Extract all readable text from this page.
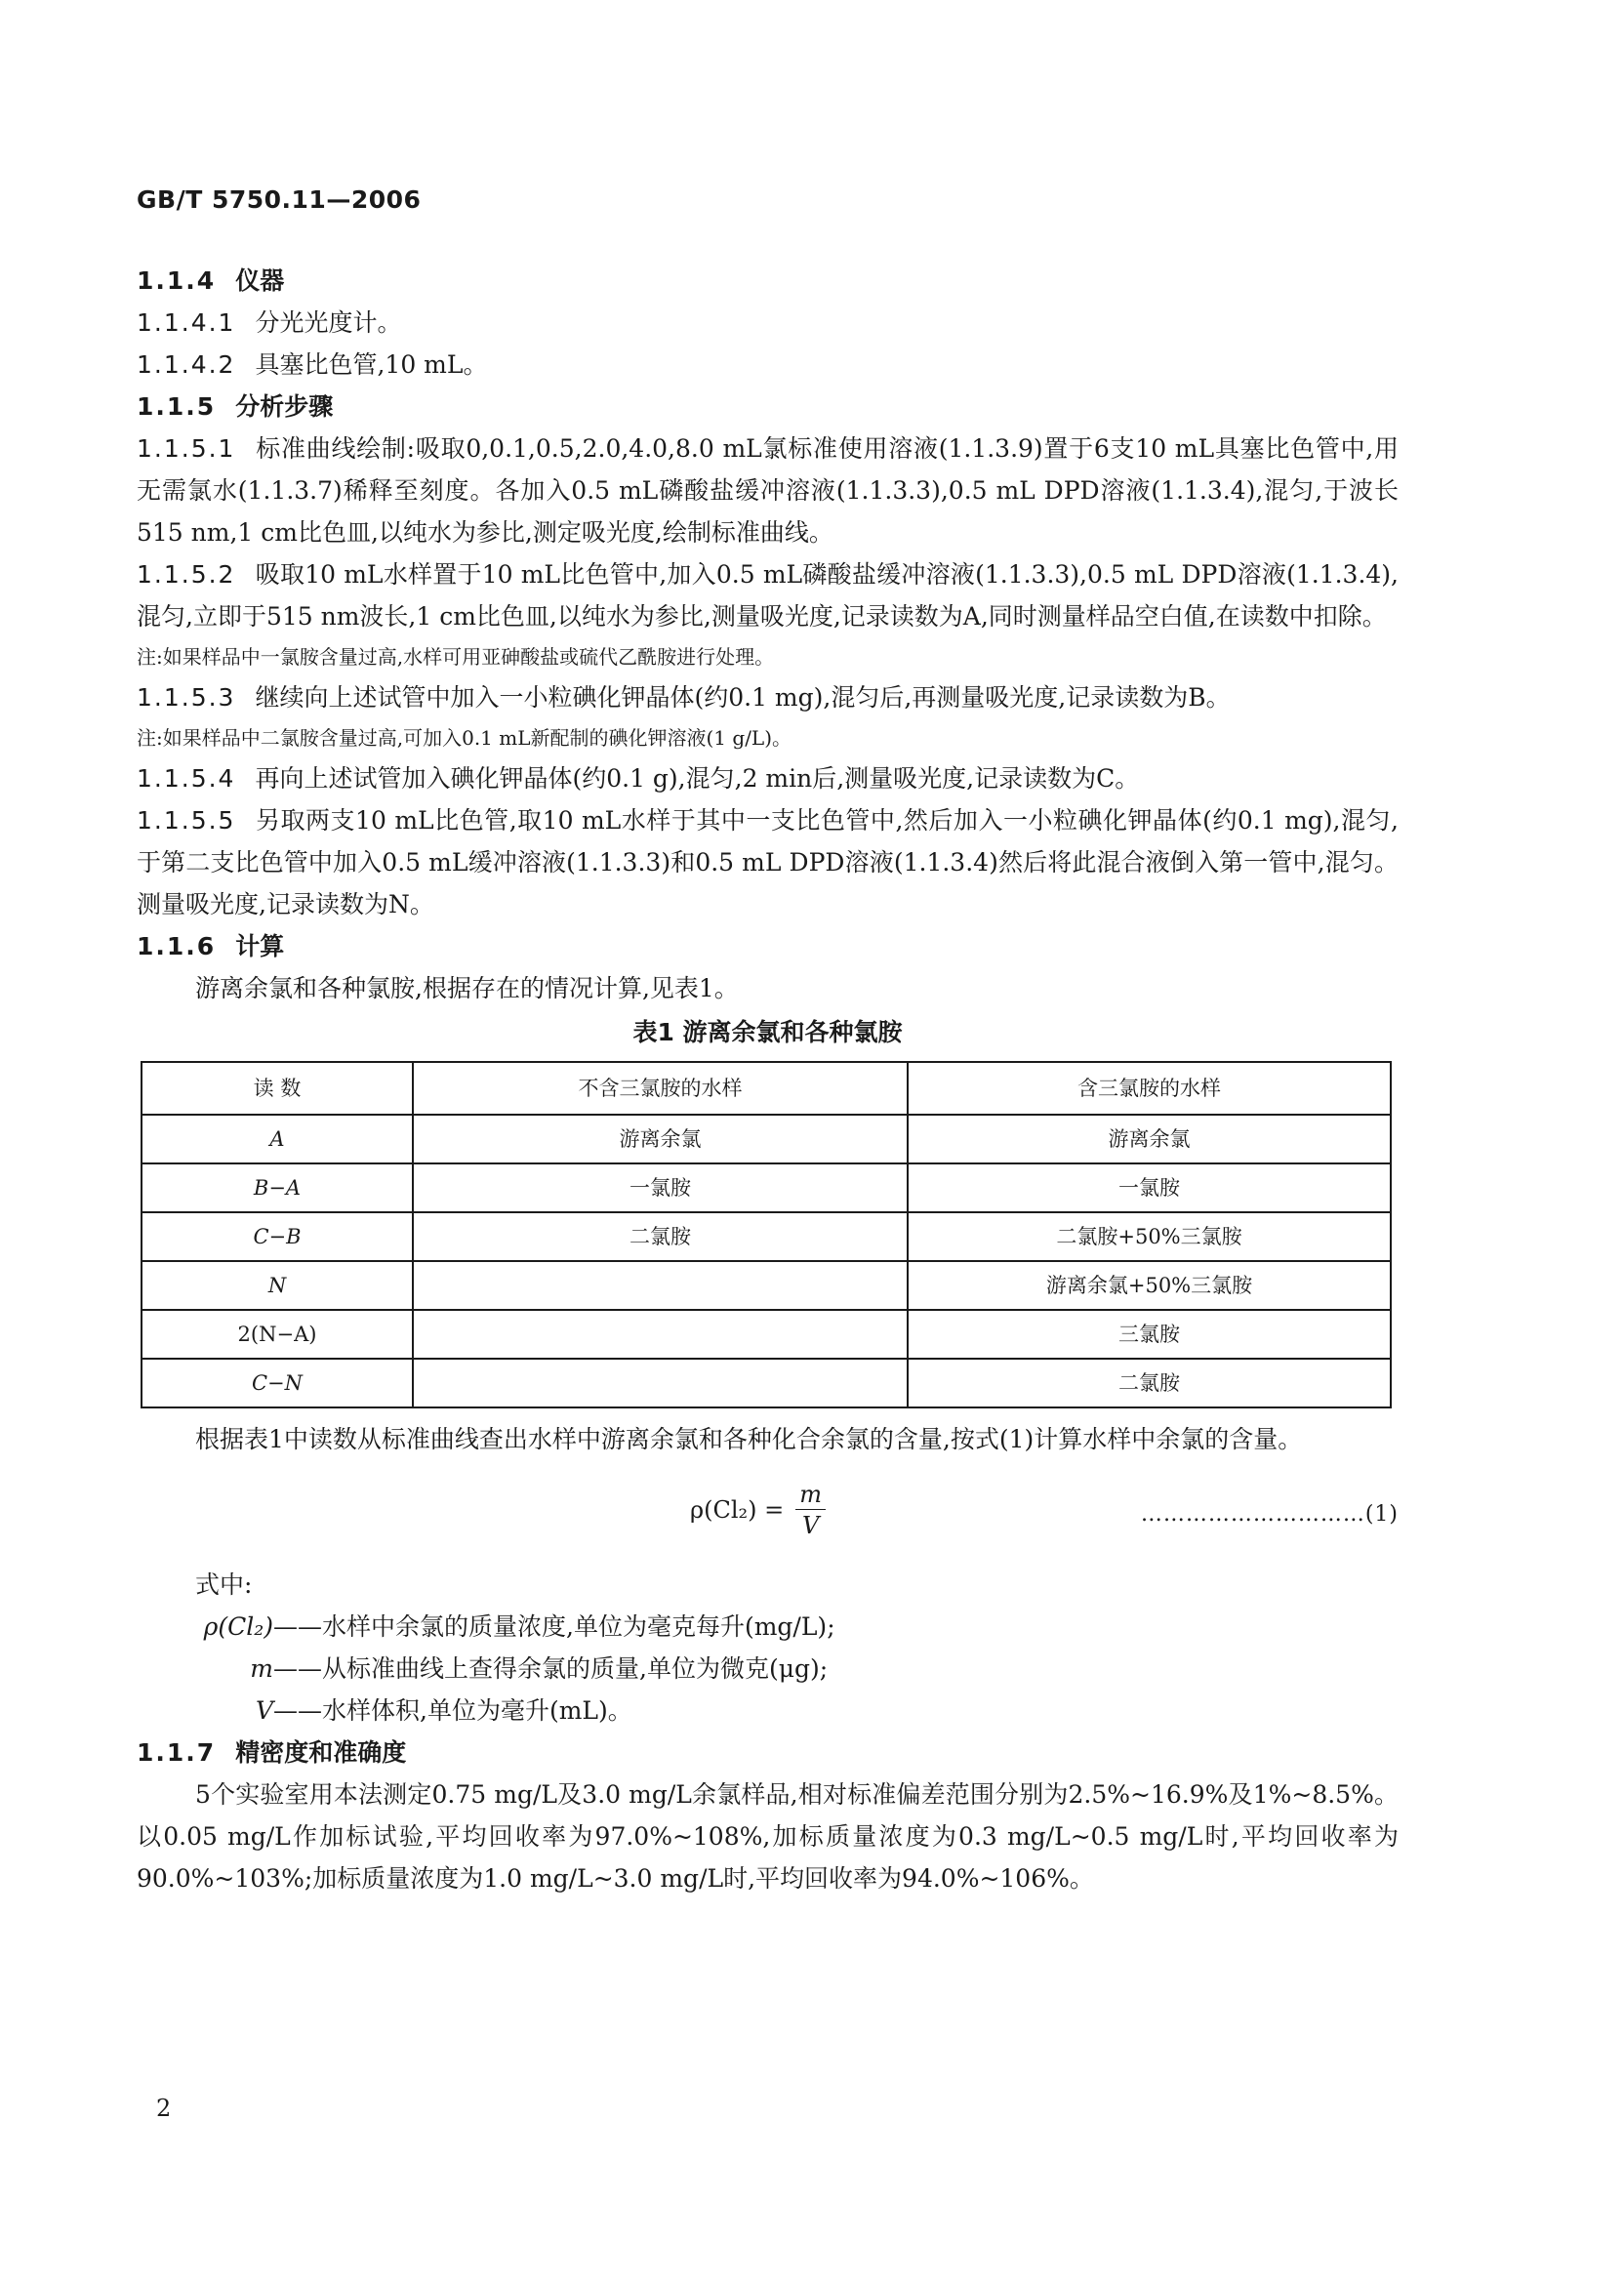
GB/T 5750.11—2006

1.1.4 仪器

1.1.4.1 分光光度计。

1.1.4.2 具塞比色管,10 mL。

1.1.5 分析步骤

1.1.5.1 标准曲线绘制:吸取0,0.1,0.5,2.0,4.0,8.0 mL氯标准使用溶液(1.1.3.9)置于6支10 mL具塞比色管中,用无需氯水(1.1.3.7)稀释至刻度。各加入0.5 mL磷酸盐缓冲溶液(1.1.3.3),0.5 mL DPD溶液(1.1.3.4),混匀,于波长515 nm,1 cm比色皿,以纯水为参比,测定吸光度,绘制标准曲线。

1.1.5.2 吸取10 mL水样置于10 mL比色管中,加入0.5 mL磷酸盐缓冲溶液(1.1.3.3),0.5 mL DPD溶液(1.1.3.4),混匀,立即于515 nm波长,1 cm比色皿,以纯水为参比,测量吸光度,记录读数为A,同时测量样品空白值,在读数中扣除。

注:如果样品中一氯胺含量过高,水样可用亚砷酸盐或硫代乙酰胺进行处理。

1.1.5.3 继续向上述试管中加入一小粒碘化钾晶体(约0.1 mg),混匀后,再测量吸光度,记录读数为B。

注:如果样品中二氯胺含量过高,可加入0.1 mL新配制的碘化钾溶液(1 g/L)。

1.1.5.4 再向上述试管加入碘化钾晶体(约0.1 g),混匀,2 min后,测量吸光度,记录读数为C。

1.1.5.5 另取两支10 mL比色管,取10 mL水样于其中一支比色管中,然后加入一小粒碘化钾晶体(约0.1 mg),混匀,于第二支比色管中加入0.5 mL缓冲溶液(1.1.3.3)和0.5 mL DPD溶液(1.1.3.4)然后将此混合液倒入第一管中,混匀。测量吸光度,记录读数为N。

1.1.6 计算

游离余氯和各种氯胺,根据存在的情况计算,见表1。

表1 游离余氯和各种氯胺

读 数	不含三氯胺的水样	含三氯胺的水样
A	游离余氯	游离余氯
B−A	一氯胺	一氯胺
C−B	二氯胺	二氯胺+50%三氯胺
N		游离余氯+50%三氯胺
2(N−A)		三氯胺
C−N		二氯胺

根据表1中读数从标准曲线查出水样中游离余氯和各种化合余氯的含量,按式(1)计算水样中余氯的含量。

$\rho(Cl_2) = \frac{m}{V}$	…………………………(1)

式中:

ρ(Cl₂) ——水样中余氯的质量浓度,单位为毫克每升(mg/L);
m ——从标准曲线上查得余氯的质量,单位为微克(μg);
V ——水样体积,单位为毫升(mL)。

1.1.7 精密度和准确度

5个实验室用本法测定0.75 mg/L及3.0 mg/L余氯样品,相对标准偏差范围分别为2.5%~16.9%及1%~8.5%。以0.05 mg/L作加标试验,平均回收率为97.0%~108%,加标质量浓度为0.3 mg/L~0.5 mg/L时,平均回收率为90.0%~103%;加标质量浓度为1.0 mg/L~3.0 mg/L时,平均回收率为94.0%~106%。

2
